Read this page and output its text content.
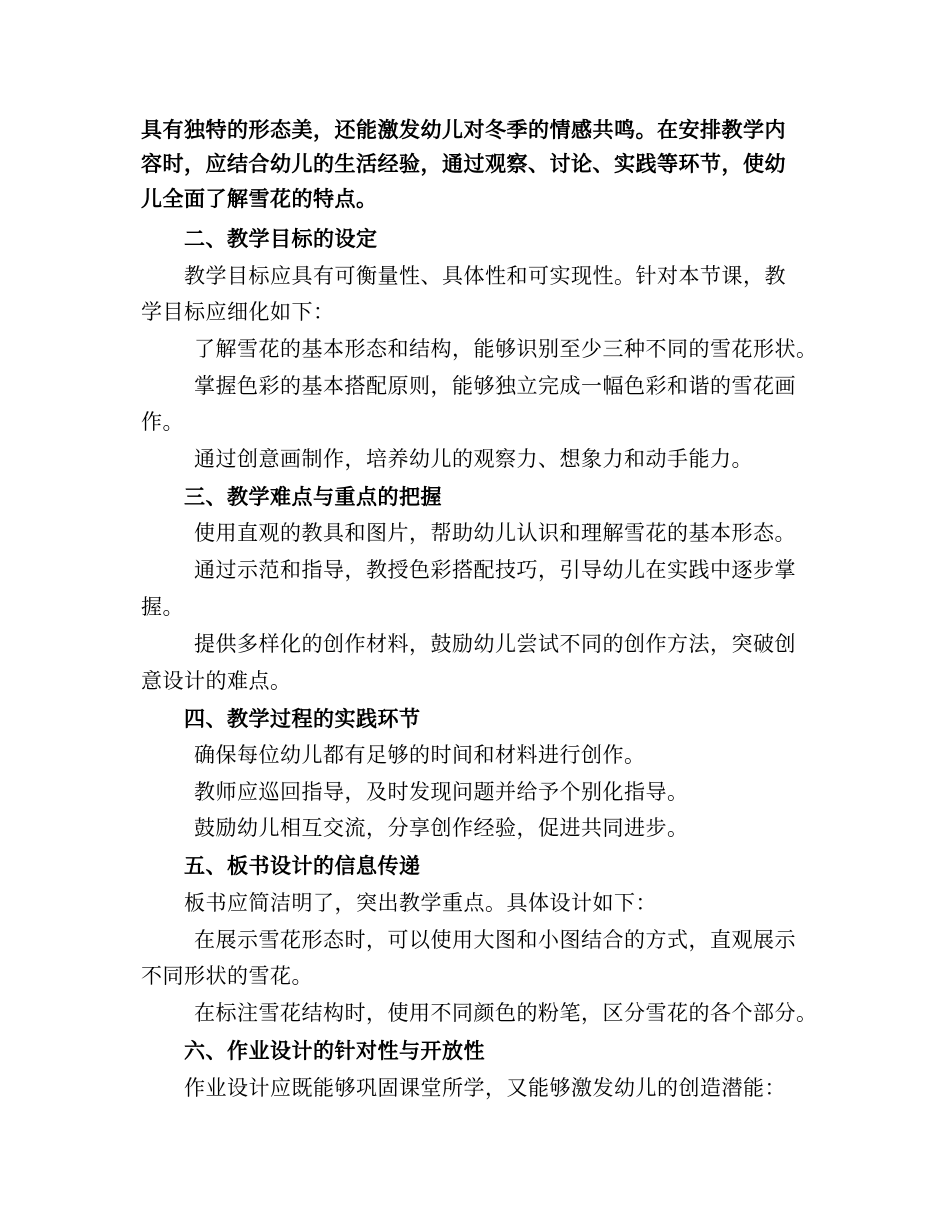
具有独特的形态美，还能激发幼儿对冬季的情感共鸣。在安排教学内
容时，应结合幼儿的生活经验，通过观察、讨论、实践等环节，使幼
儿全面了解雪花的特点。
二、教学目标的设定
教学目标应具有可衡量性、具体性和可实现性。针对本节课，教
学目标应细化如下：
了解雪花的基本形态和结构，能够识别至少三种不同的雪花形状。
掌握色彩的基本搭配原则，能够独立完成一幅色彩和谐的雪花画
作。
通过创意画制作，培养幼儿的观察力、想象力和动手能力。
三、教学难点与重点的把握
使用直观的教具和图片，帮助幼儿认识和理解雪花的基本形态。
通过示范和指导，教授色彩搭配技巧，引导幼儿在实践中逐步掌
握。
提供多样化的创作材料，鼓励幼儿尝试不同的创作方法，突破创
意设计的难点。
四、教学过程的实践环节
确保每位幼儿都有足够的时间和材料进行创作。
教师应巡回指导，及时发现问题并给予个别化指导。
鼓励幼儿相互交流，分享创作经验，促进共同进步。
五、板书设计的信息传递
板书应简洁明了，突出教学重点。具体设计如下：
在展示雪花形态时，可以使用大图和小图结合的方式，直观展示
不同形状的雪花。
在标注雪花结构时，使用不同颜色的粉笔，区分雪花的各个部分。
六、作业设计的针对性与开放性
作业设计应既能够巩固课堂所学，又能够激发幼儿的创造潜能：
